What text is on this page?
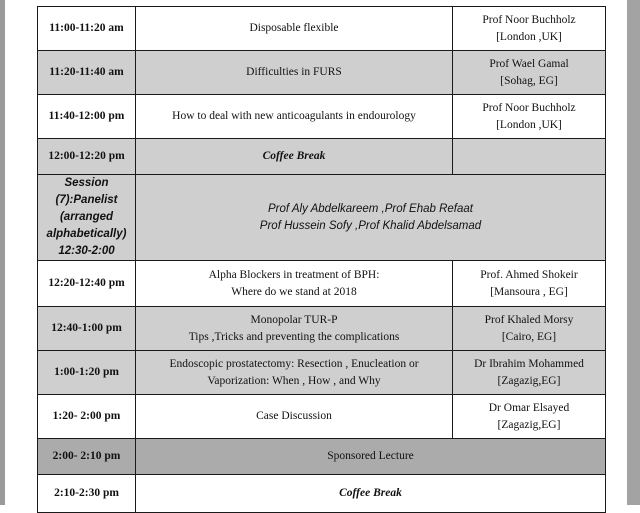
11:00-11:20 am	Disposable flexible	Prof Noor Buchholz
[London ,UK]

11:20-11:40 am	Difficulties in FURS	Prof Wael Gamal
[Sohag, EG]

11:40-12:00 pm	How to deal with new anticoagulants in endourology	Prof Noor Buchholz
[London ,UK]

12:00-12:20 pm	Coffee Break	

Session
(7):Panelist
(arranged
alphabetically)
12:30-2:00	Prof Aly Abdelkareem ,Prof Ehab Refaat
Prof Hussein Sofy ,Prof Khalid Abdelsamad	

12:20-12:40 pm	Alpha Blockers in treatment of BPH:
Where do we stand at 2018	Prof. Ahmed Shokeir
[Mansoura , EG]

12:40-1:00 pm	Monopolar TUR-P
Tips ,Tricks and preventing the complications	Prof Khaled Morsy
[Cairo, EG]

1:00-1:20 pm	Endoscopic prostatectomy: Resection , Enucleation or
Vaporization: When , How , and Why	Dr Ibrahim Mohammed
[Zagazig,EG]

1:20- 2:00 pm	Case Discussion	Dr Omar Elsayed
[Zagazig,EG]

2:00- 2:10 pm	Sponsored Lecture	
2:10-2:30 pm	Coffee Break	
